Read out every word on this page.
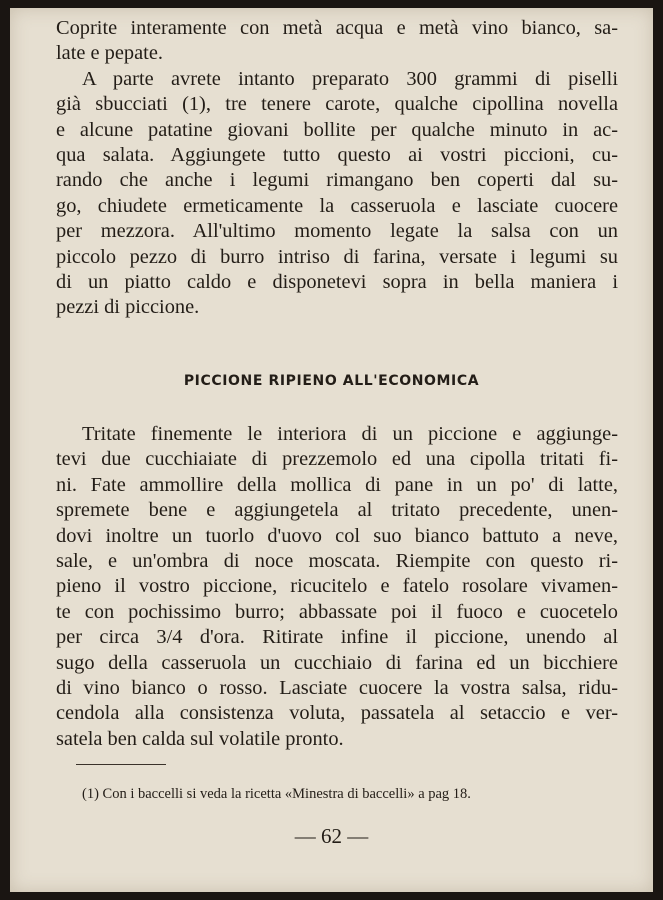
Coprite interamente con metà acqua e metà vino bianco, sa-
late e pepate.
A parte avrete intanto preparato 300 grammi di piselli
già sbucciati (1), tre tenere carote, qualche cipollina novella
e alcune patatine giovani bollite per qualche minuto in ac-
qua salata. Aggiungete tutto questo ai vostri piccioni, cu-
rando che anche i legumi rimangano ben coperti dal su-
go, chiudete ermeticamente la casseruola e lasciate cuocere
per mezzora. All'ultimo momento legate la salsa con un
piccolo pezzo di burro intriso di farina, versate i legumi su
di un piatto caldo e disponetevi sopra in bella maniera i
pezzi di piccione.
PICCIONE RIPIENO ALL'ECONOMICA
Tritate finemente le interiora di un piccione e aggiunge-
tevi due cucchiaiate di prezzemolo ed una cipolla tritati fi-
ni. Fate ammollire della mollica di pane in un po' di latte,
spremete bene e aggiungetela al tritato precedente, unen-
dovi inoltre un tuorlo d'uovo col suo bianco battuto a neve,
sale, e un'ombra di noce moscata. Riempite con questo ri-
pieno il vostro piccione, ricucitelo e fatelo rosolare vivamen-
te con pochissimo burro; abbassate poi il fuoco e cuocetelo
per circa 3/4 d'ora. Ritirate infine il piccione, unendo al
sugo della casseruola un cucchiaio di farina ed un bicchiere
di vino bianco o rosso. Lasciate cuocere la vostra salsa, ridu-
cendola alla consistenza voluta, passatela al setaccio e ver-
satela ben calda sul volatile pronto.
(1) Con i baccelli si veda la ricetta «Minestra di baccelli» a pag 18.
— 62 —
